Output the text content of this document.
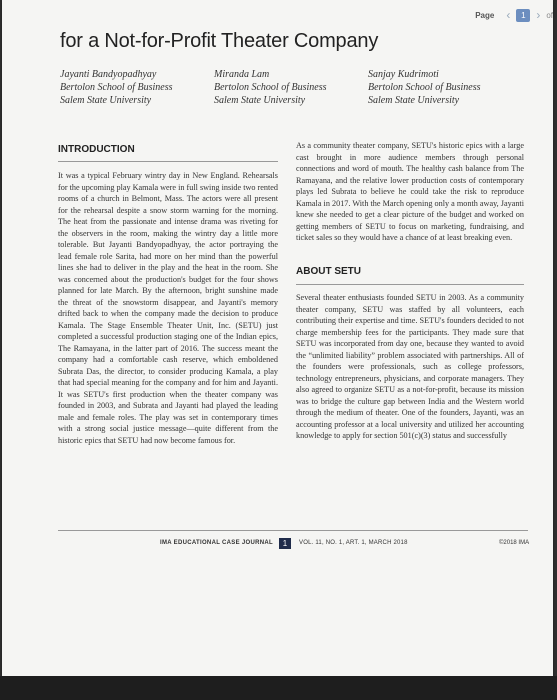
Page ‹	1 › of
for a Not-for-Profit Theater Company
Jayanti Bandyopadhyay
Bertolon School of Business
Salem State University
Miranda Lam
Bertolon School of Business
Salem State University
Sanjay Kudrimoti
Bertolon School of Business
Salem State University
INTRODUCTION

It was a typical February wintry day in New England. Rehearsals for the upcoming play Kamala were in full swing inside two rented rooms of a church in Belmont, Mass. The actors were all present for the rehearsal despite a snow storm warning for the morning. The heat from the passionate and intense drama was riveting for the observers in the room, making the wintry day a little more tolerable. But Jayanti Bandyopadhyay, the actor portraying the lead female role Sarita, had more on her mind than the powerful lines she had to deliver in the play and the heat in the room. She was concerned about the production's budget for the four shows planned for late March. By the afternoon, bright sunshine made the threat of the snowstorm disappear, and Jayanti's memory drifted back to when the company made the decision to produce Kamala. The Stage Ensemble Theater Unit, Inc. (SETU) just completed a successful production staging one of the Indian epics, The Ramayana, in the latter part of 2016. The success meant the company had a comfortable cash reserve, which emboldened Subrata Das, the director, to consider producing Kamala, a play that had special meaning for the company and for him and Jayanti. It was SETU's first production when the theater company was founded in 2003, and Subrata and Jayanti had played the leading male and female roles. The play was set in contemporary times with a strong social justice message—quite different from the historic epics that SETU had now become famous for.

As a community theater company, SETU's historic epics with a large cast brought in more audience members through personal connections and word of mouth. The healthy cash balance from The Ramayana, and the relative lower production costs of contemporary plays led Subrata to believe he could take the risk to reproduce Kamala in 2017. With the March opening only a month away, Jayanti knew she needed to get a clear picture of the budget and worked on getting members of SETU to focus on marketing, fundraising, and ticket sales so they would have a chance of at least breaking even.

ABOUT SETU

Several theater enthusiasts founded SETU in 2003. As a community theater company, SETU was staffed by all volunteers, each contributing their expertise and time. SETU's founders decided to not charge membership fees for the participants. They made sure that SETU was incorporated from day one, because they wanted to avoid the “unlimited liability” problem associated with partnerships. All of the founders were professionals, such as college professors, technology entrepreneurs, physicians, and corporate managers. They also agreed to organize SETU as a not-for-profit, because its mission was to bridge the culture gap between India and the Western world through the medium of theater. One of the founders, Jayanti, was an accounting professor at a local university and utilized her accounting knowledge to apply for section 501(c)(3) status and successfully

IMA EDUCATIONAL CASE JOURNAL	1	VOL. 11, NO. 1, ART. 1, MARCH 2018	©2018 IMA
